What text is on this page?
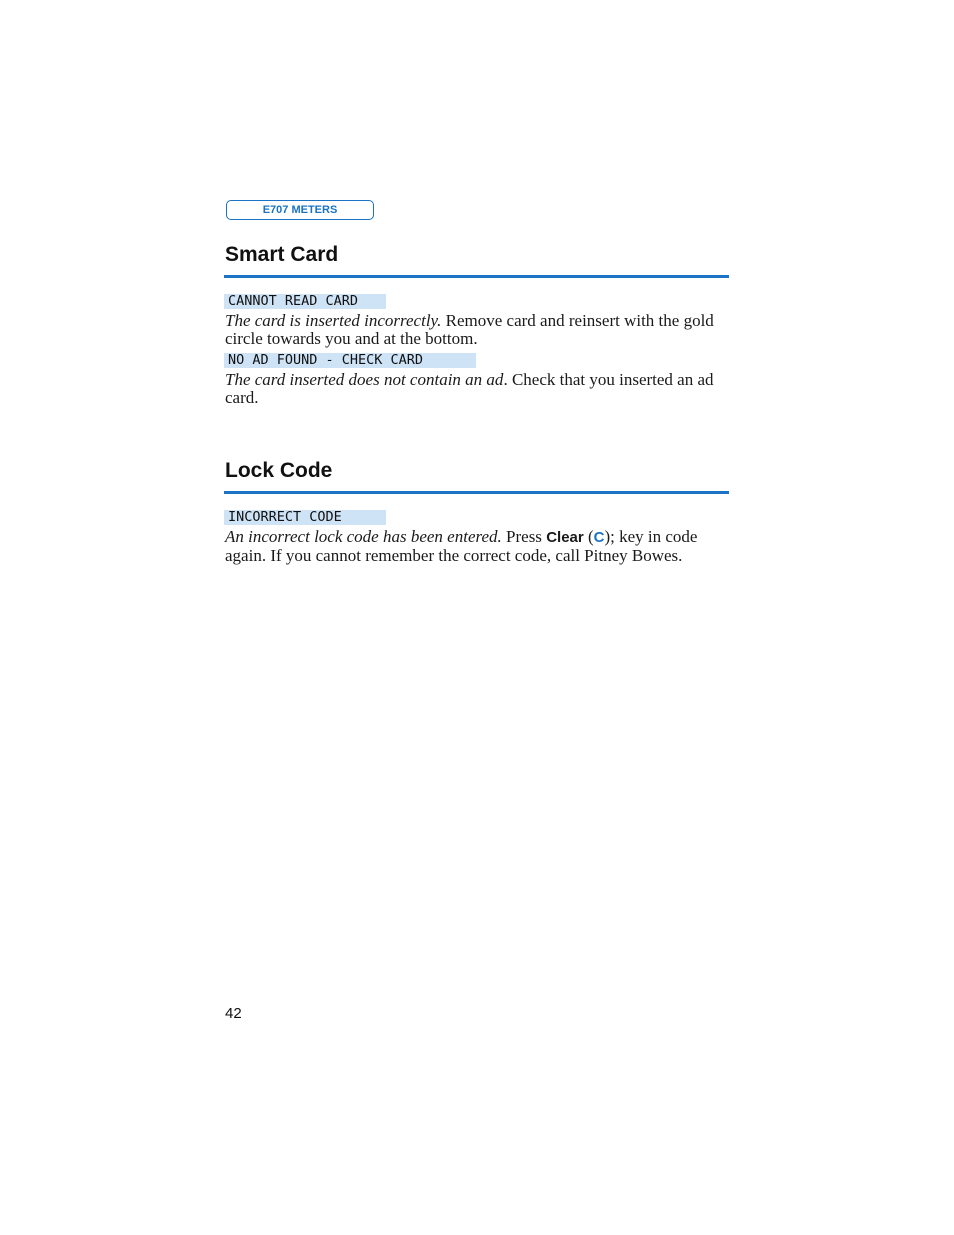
E707 METERS
Smart Card
CANNOT READ CARD

The card is inserted incorrectly. Remove card and reinsert with the gold circle towards you and at the bottom.

NO AD FOUND - CHECK CARD

The card inserted does not contain an ad. Check that you inserted an ad card.

Lock Code
INCORRECT CODE

An incorrect lock code has been entered. Press Clear (C); key in code again. If you cannot remember the correct code, call Pitney Bowes.

42
